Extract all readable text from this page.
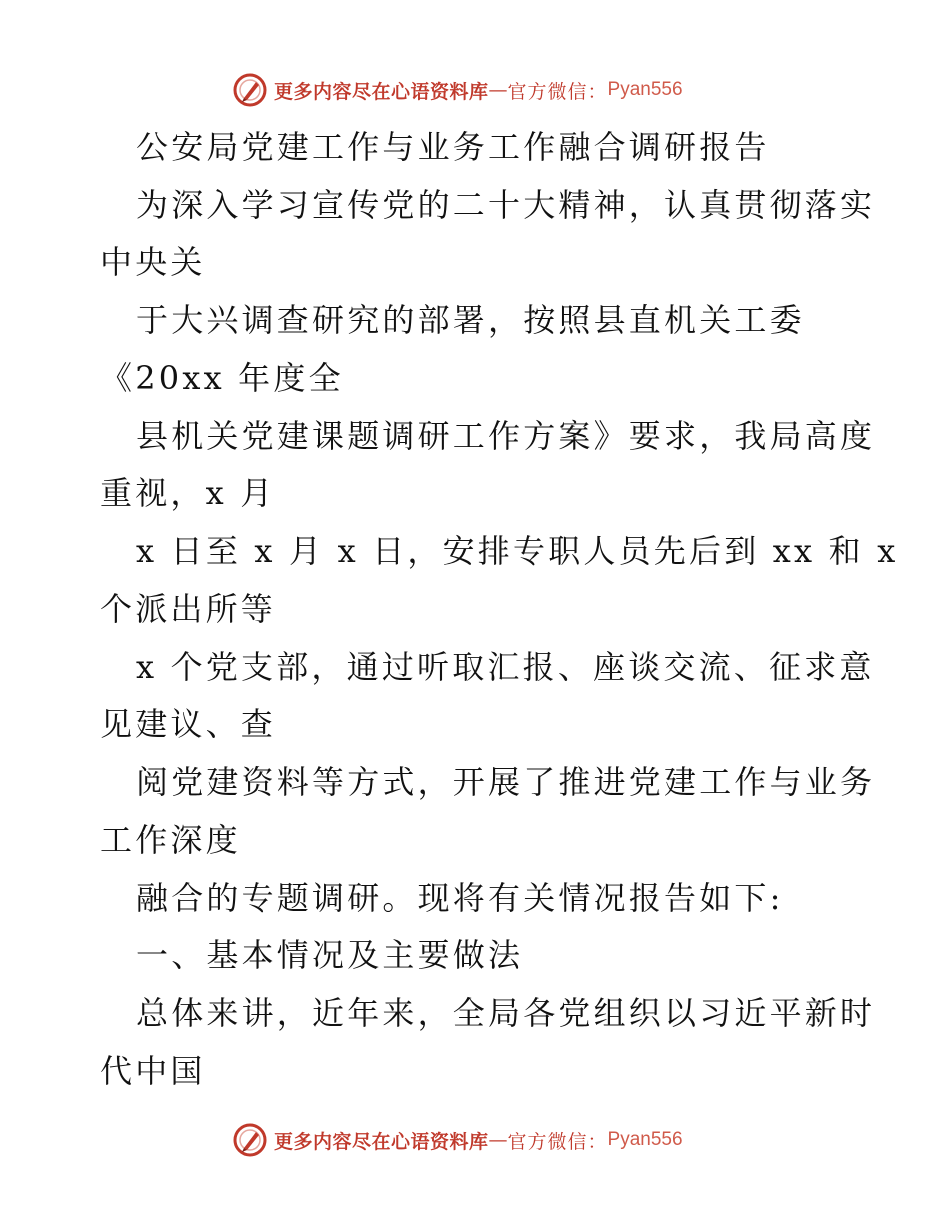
更多内容尽在心语资料库 — 官方微信： Pyan556
公安局党建工作与业务工作融合调研报告
为深入学习宣传党的二十大精神，认真贯彻落实
中央关
于大兴调查研究的部署，按照县直机关工委
《20xx 年度全
县机关党建课题调研工作方案》要求，我局高度
重视，x 月
x 日至 x 月 x 日，安排专职人员先后到 xx 和 x
个派出所等
x 个党支部，通过听取汇报、座谈交流、征求意
见建议、查
阅党建资料等方式，开展了推进党建工作与业务
工作深度
融合的专题调研。现将有关情况报告如下:
一、基本情况及主要做法
总体来讲，近年来，全局各党组织以习近平新时
代中国
更多内容尽在心语资料库 — 官方微信： Pyan556
